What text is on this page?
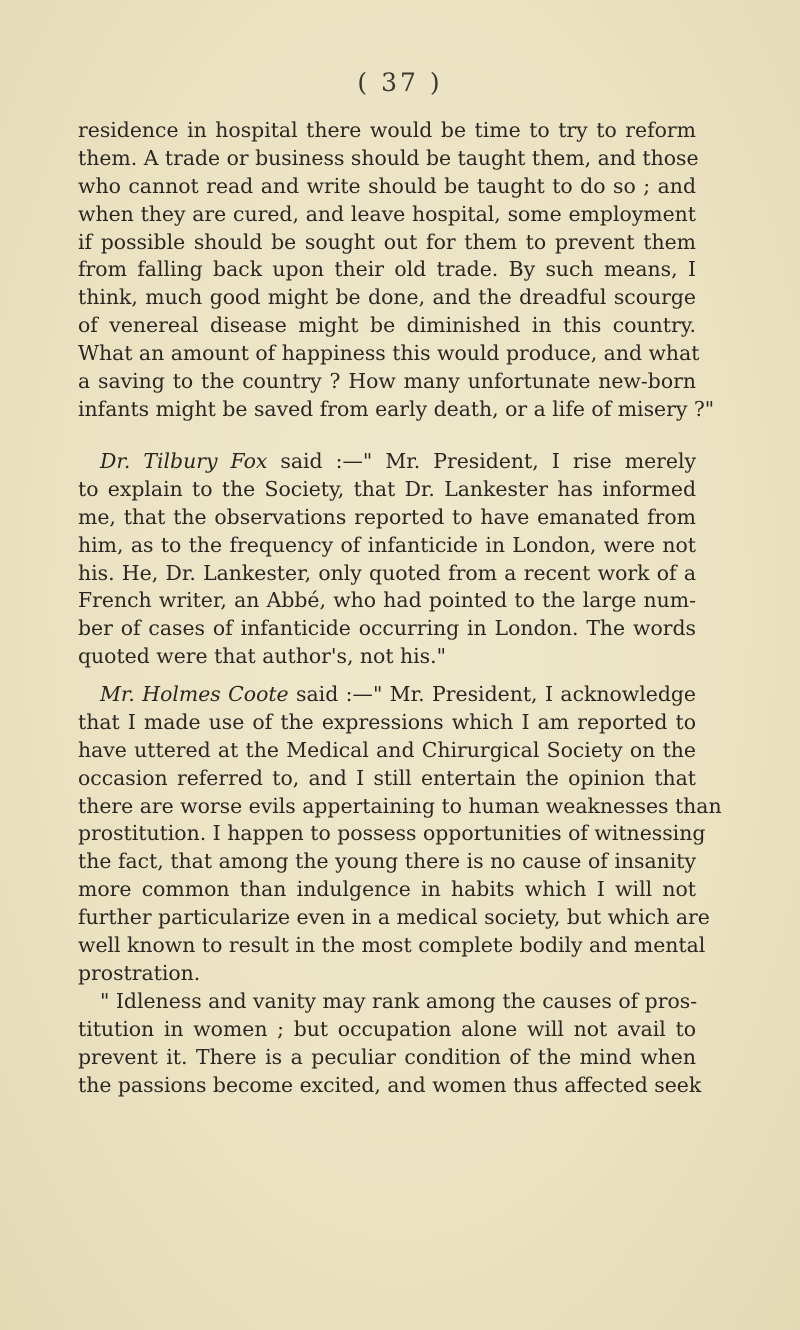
( 37 )
residence in hospital there would be time to try to reform
them. A trade or business should be taught them, and those
who cannot read and write should be taught to do so ; and
when they are cured, and leave hospital, some employment
if possible should be sought out for them to prevent them
from falling back upon their old trade. By such means, I
think, much good might be done, and the dreadful scourge
of venereal disease might be diminished in this country.
What an amount of happiness this would produce, and what
a saving to the country ? How many unfortunate new-born
infants might be saved from early death, or a life of misery ?"
Dr. Tilbury Fox said :—" Mr. President, I rise merely
to explain to the Society, that Dr. Lankester has informed
me, that the observations reported to have emanated from
him, as to the frequency of infanticide in London, were not
his. He, Dr. Lankester, only quoted from a recent work of a
French writer, an Abbé, who had pointed to the large num-
ber of cases of infanticide occurring in London. The words
quoted were that author's, not his."
Mr. Holmes Coote said :—" Mr. President, I acknowledge
that I made use of the expressions which I am reported to
have uttered at the Medical and Chirurgical Society on the
occasion referred to, and I still entertain the opinion that
there are worse evils appertaining to human weaknesses than
prostitution. I happen to possess opportunities of witnessing
the fact, that among the young there is no cause of insanity
more common than indulgence in habits which I will not
further particularize even in a medical society, but which are
well known to result in the most complete bodily and mental
prostration.
" Idleness and vanity may rank among the causes of pros-
titution in women ; but occupation alone will not avail to
prevent it. There is a peculiar condition of the mind when
the passions become excited, and women thus affected seek
